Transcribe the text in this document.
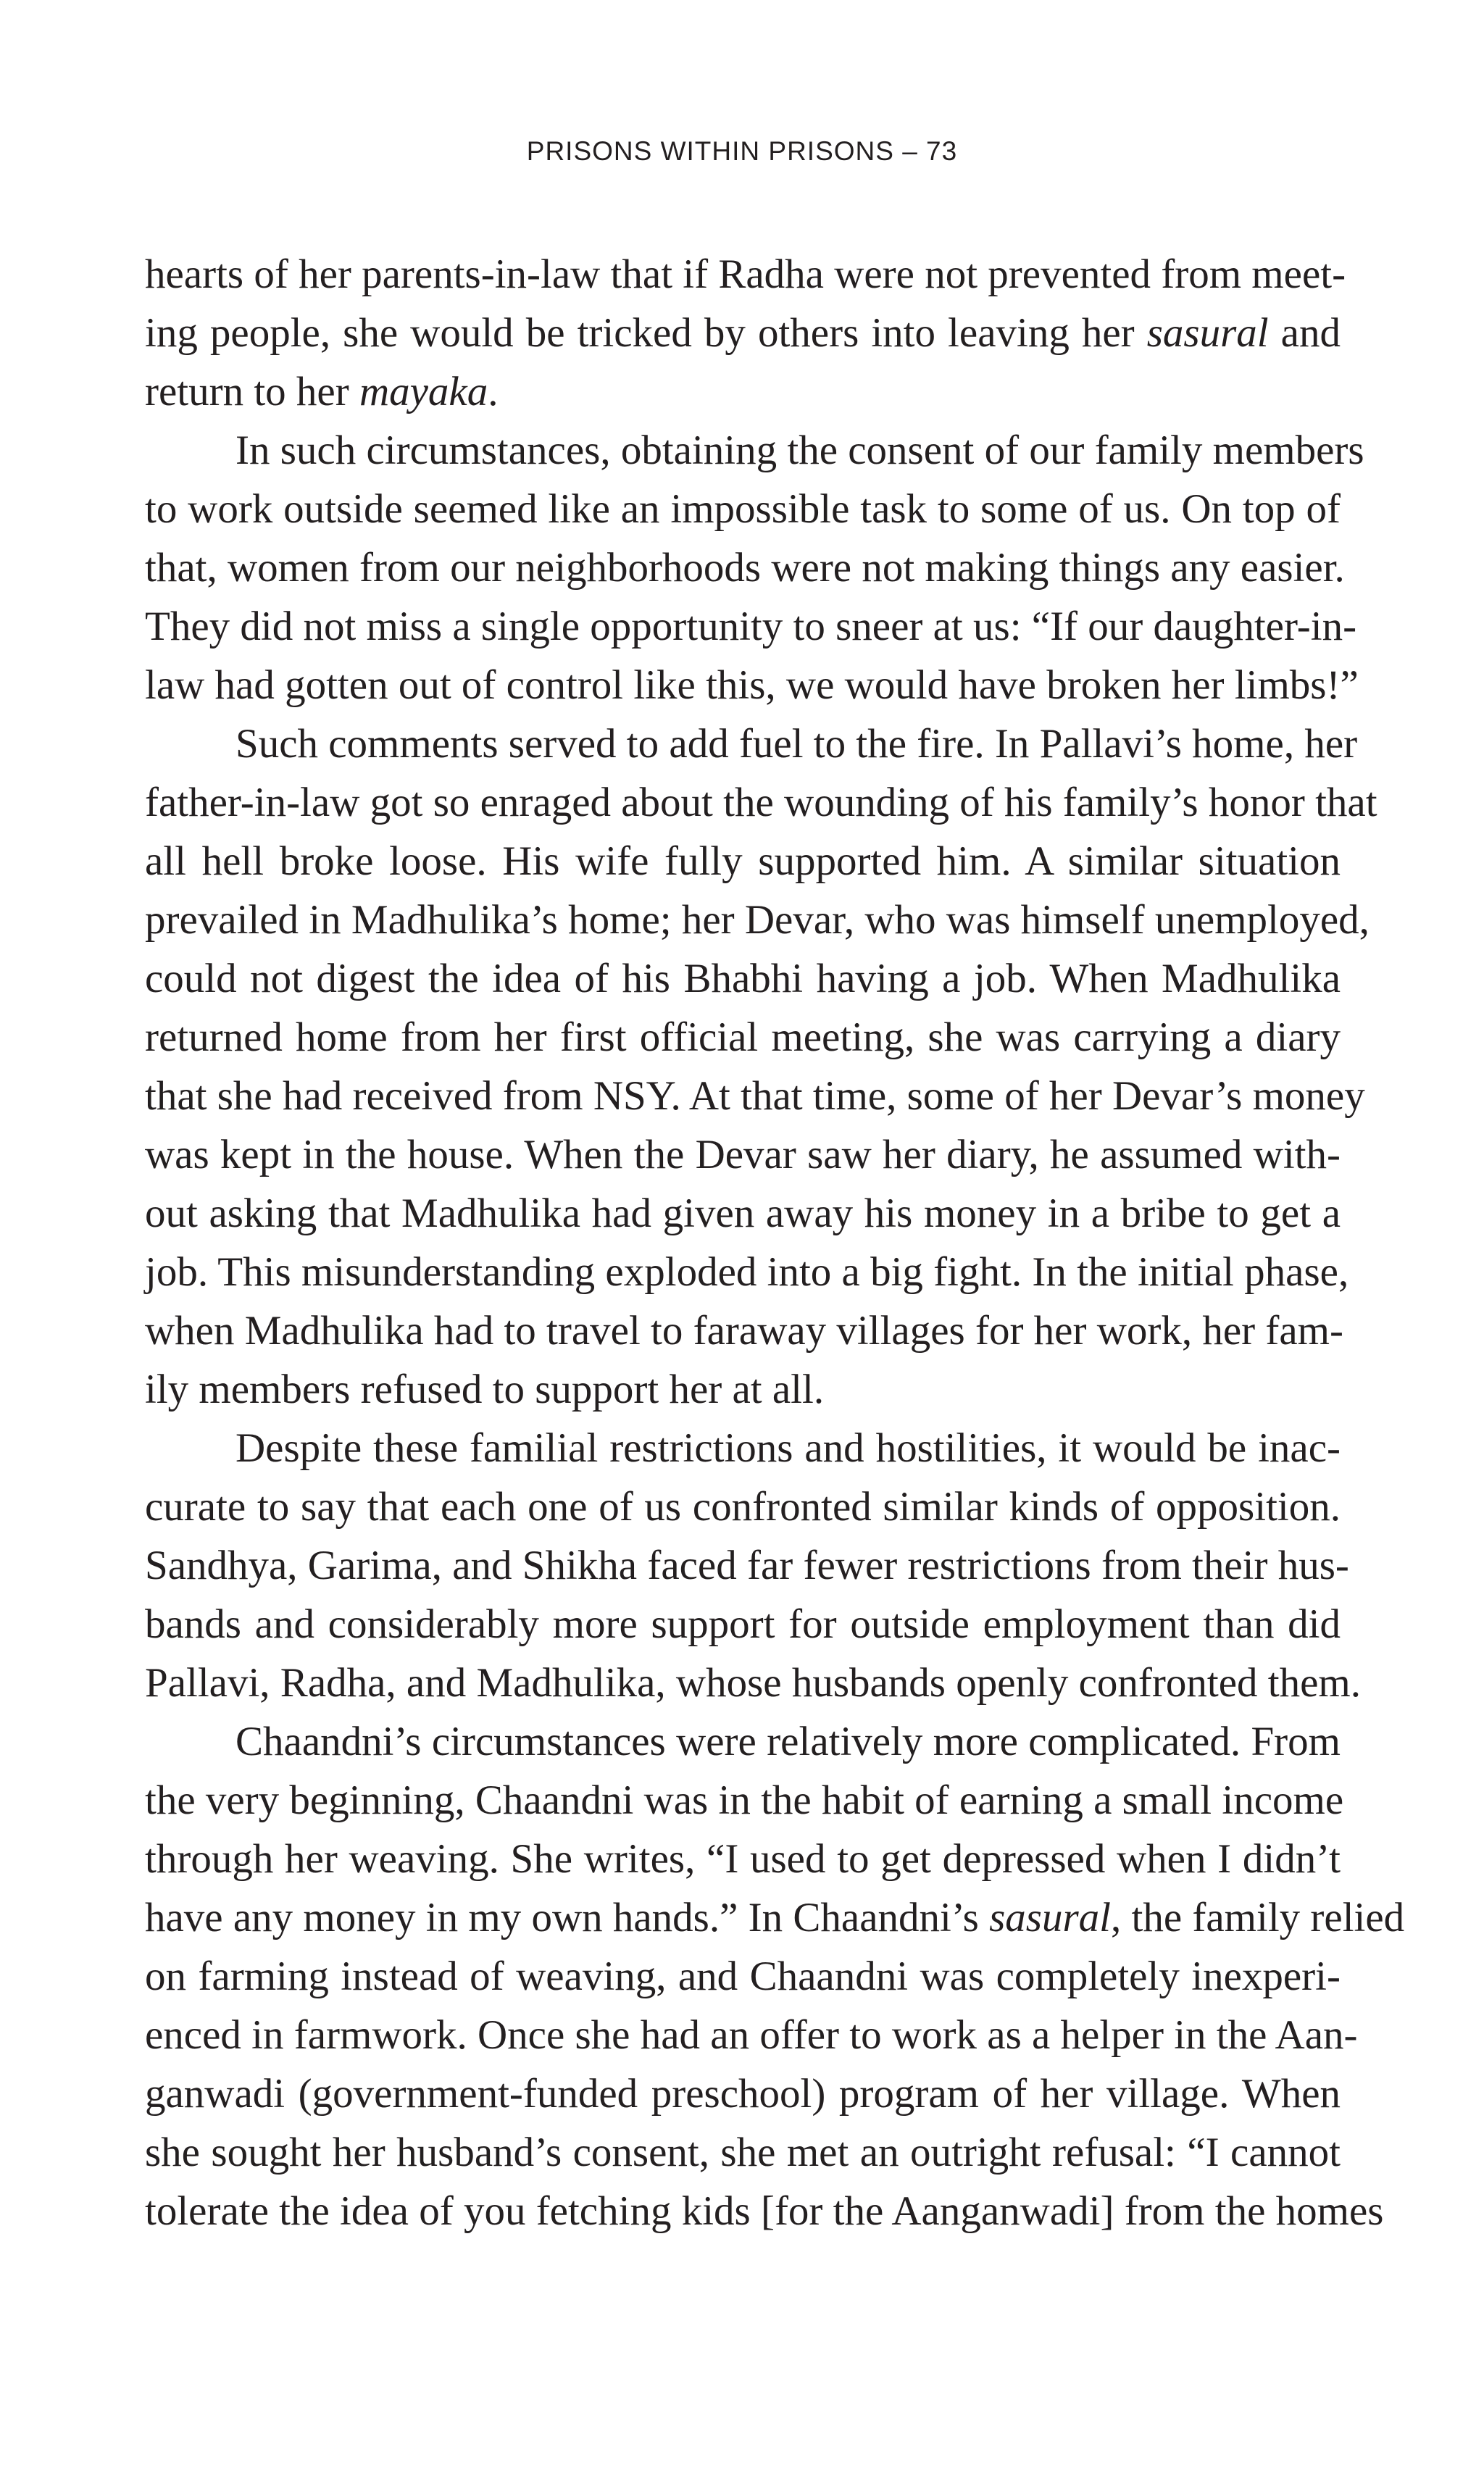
PRISONS WITHIN PRISONS – 73
hearts of her parents-in-law that if Radha were not prevented from meet-
ing people, she would be tricked by others into leaving her sasural and
return to her mayaka.
In such circumstances, obtaining the consent of our family members
to work outside seemed like an impossible task to some of us. On top of
that, women from our neighborhoods were not making things any easier.
They did not miss a single opportunity to sneer at us: “If our daughter-in-
law had gotten out of control like this, we would have broken her limbs!”
Such comments served to add fuel to the fire. In Pallavi’s home, her
father-in-law got so enraged about the wounding of his family’s honor that
all hell broke loose. His wife fully supported him. A similar situation
prevailed in Madhulika’s home; her Devar, who was himself unemployed,
could not digest the idea of his Bhabhi having a job. When Madhulika
returned home from her first official meeting, she was carrying a diary
that she had received from NSY. At that time, some of her Devar’s money
was kept in the house. When the Devar saw her diary, he assumed with-
out asking that Madhulika had given away his money in a bribe to get a
job. This misunderstanding exploded into a big fight. In the initial phase,
when Madhulika had to travel to faraway villages for her work, her fam-
ily members refused to support her at all.
Despite these familial restrictions and hostilities, it would be inac-
curate to say that each one of us confronted similar kinds of opposition.
Sandhya, Garima, and Shikha faced far fewer restrictions from their hus-
bands and considerably more support for outside employment than did
Pallavi, Radha, and Madhulika, whose husbands openly confronted them.
Chaandni’s circumstances were relatively more complicated. From
the very beginning, Chaandni was in the habit of earning a small income
through her weaving. She writes, “I used to get depressed when I didn’t
have any money in my own hands.” In Chaandni’s sasural, the family relied
on farming instead of weaving, and Chaandni was completely inexperi-
enced in farmwork. Once she had an offer to work as a helper in the Aan-
ganwadi (government-funded preschool) program of her village. When
she sought her husband’s consent, she met an outright refusal: “I cannot
tolerate the idea of you fetching kids [for the Aanganwadi] from the homes
